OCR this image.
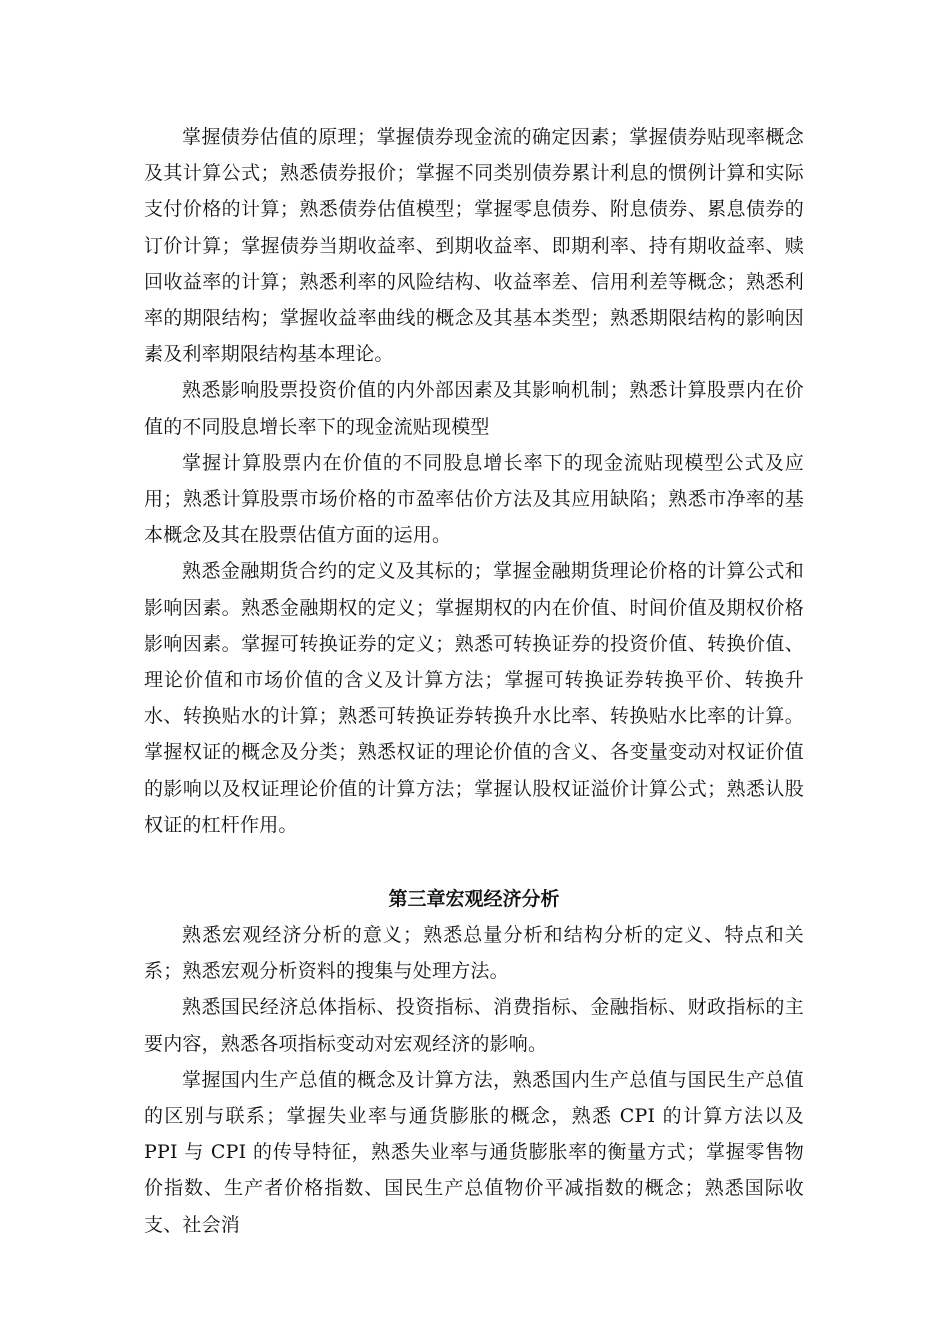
掌握债券估值的原理；掌握债券现金流的确定因素；掌握债券贴现率概念及其计算公式；熟悉债券报价；掌握不同类别债券累计利息的惯例计算和实际支付价格的计算；熟悉债券估值模型；掌握零息债券、附息债券、累息债券的订价计算；掌握债券当期收益率、到期收益率、即期利率、持有期收益率、赎回收益率的计算；熟悉利率的风险结构、收益率差、信用利差等概念；熟悉利率的期限结构；掌握收益率曲线的概念及其基本类型；熟悉期限结构的影响因素及利率期限结构基本理论。

熟悉影响股票投资价值的内外部因素及其影响机制；熟悉计算股票内在价值的不同股息增长率下的现金流贴现模型

掌握计算股票内在价值的不同股息增长率下的现金流贴现模型公式及应用；熟悉计算股票市场价格的市盈率估价方法及其应用缺陷；熟悉市净率的基本概念及其在股票估值方面的运用。

熟悉金融期货合约的定义及其标的；掌握金融期货理论价格的计算公式和影响因素。熟悉金融期权的定义；掌握期权的内在价值、时间价值及期权价格影响因素。掌握可转换证券的定义；熟悉可转换证券的投资价值、转换价值、理论价值和市场价值的含义及计算方法；掌握可转换证券转换平价、转换升水、转换贴水的计算；熟悉可转换证券转换升水比率、转换贴水比率的计算。掌握权证的概念及分类；熟悉权证的理论价值的含义、各变量变动对权证价值的影响以及权证理论价值的计算方法；掌握认股权证溢价计算公式；熟悉认股权证的杠杆作用。

第三章宏观经济分析

熟悉宏观经济分析的意义；熟悉总量分析和结构分析的定义、特点和关系；熟悉宏观分析资料的搜集与处理方法。

熟悉国民经济总体指标、投资指标、消费指标、金融指标、财政指标的主要内容，熟悉各项指标变动对宏观经济的影响。

掌握国内生产总值的概念及计算方法，熟悉国内生产总值与国民生产总值的区别与联系；掌握失业率与通货膨胀的概念，熟悉 CPI 的计算方法以及 PPI 与 CPI 的传导特征，熟悉失业率与通货膨胀率的衡量方式；掌握零售物价指数、生产者价格指数、国民生产总值物价平减指数的概念；熟悉国际收支、社会消
